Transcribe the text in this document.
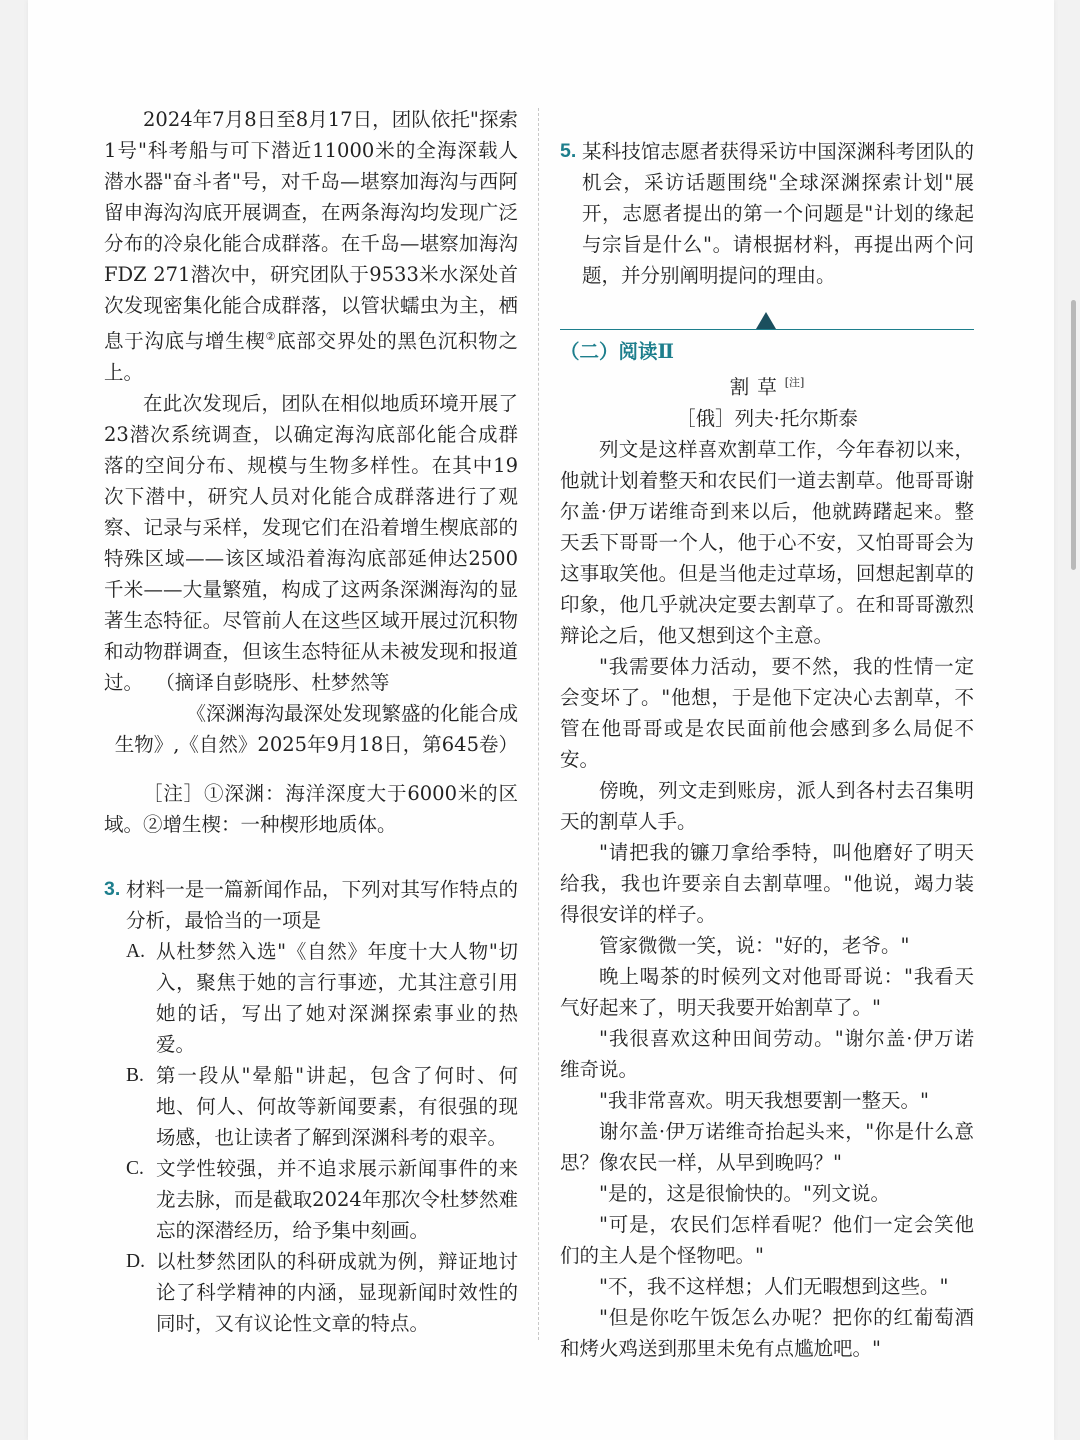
2024年7月8日至8月17日，团队依托"探索1号"科考船与可下潜近11000米的全海深载人潜水器"奋斗者"号，对千岛—堪察加海沟与西阿留申海沟沟底开展调查，在两条海沟均发现广泛分布的冷泉化能合成群落。在千岛—堪察加海沟FDZ 271潜次中，研究团队于9533米水深处首次发现密集化能合成群落，以管状蠕虫为主，栖息于沟底与增生楔②底部交界处的黑色沉积物之上。

在此次发现后，团队在相似地质环境开展了23潜次系统调查，以确定海沟底部化能合成群落的空间分布、规模与生物多样性。在其中19次下潜中，研究人员对化能合成群落进行了观察、记录与采样，发现它们在沿着增生楔底部的特殊区域——该区域沿着海沟底部延伸达2500千米——大量繁殖，构成了这两条深渊海沟的显著生态特征。尽管前人在这些区域开展过沉积物和动物群调查，但该生态特征从未被发现和报道过。 （摘译自彭晓彤、杜梦然等

《深渊海沟最深处发现繁盛的化能合成

生物》,《自然》2025年9月18日，第645卷）

［注］①深渊：海洋深度大于6000米的区域。②增生楔：一种楔形地质体。

3. 材料一是一篇新闻作品，下列对其写作特点的分析，最恰当的一项是

A. 从杜梦然入选"《自然》年度十大人物"切入，聚焦于她的言行事迹，尤其注意引用她的话，写出了她对深渊探索事业的热爱。
B. 第一段从"晕船"讲起，包含了何时、何地、何人、何故等新闻要素，有很强的现场感，也让读者了解到深渊科考的艰辛。
C. 文学性较强，并不追求展示新闻事件的来龙去脉，而是截取2024年那次令杜梦然难忘的深潜经历，给予集中刻画。
D. 以杜梦然团队的科研成就为例，辩证地讨论了科学精神的内涵，显现新闻时效性的同时，又有议论性文章的特点。
5. 某科技馆志愿者获得采访中国深渊科考团队的机会，采访话题围绕"全球深渊探索计划"展开，志愿者提出的第一个问题是"计划的缘起与宗旨是什么"。请根据材料，再提出两个问题，并分别阐明提问的理由。

（二）阅读Ⅱ

割草[注]

［俄］列夫·托尔斯泰

列文是这样喜欢割草工作，今年春初以来，他就计划着整天和农民们一道去割草。他哥哥谢尔盖·伊万诺维奇到来以后，他就踌躇起来。整天丢下哥哥一个人，他于心不安，又怕哥哥会为这事取笑他。但是当他走过草场，回想起割草的印象，他几乎就决定要去割草了。在和哥哥激烈辩论之后，他又想到这个主意。

"我需要体力活动，要不然，我的性情一定会变坏了。"他想，于是他下定决心去割草，不管在他哥哥或是农民面前他会感到多么局促不安。

傍晚，列文走到账房，派人到各村去召集明天的割草人手。

"请把我的镰刀拿给季特，叫他磨好了明天给我，我也许要亲自去割草哩。"他说，竭力装得很安详的样子。

管家微微一笑，说："好的，老爷。"

晚上喝茶的时候列文对他哥哥说："我看天气好起来了，明天我要开始割草了。"

"我很喜欢这种田间劳动。"谢尔盖·伊万诺维奇说。

"我非常喜欢。明天我想要割一整天。"

谢尔盖·伊万诺维奇抬起头来，"你是什么意思？像农民一样，从早到晚吗？"

"是的，这是很愉快的。"列文说。

"可是，农民们怎样看呢？他们一定会笑他们的主人是个怪物吧。"

"不，我不这样想；人们无暇想到这些。"

"但是你吃午饭怎么办呢？把你的红葡萄酒和烤火鸡送到那里未免有点尴尬吧。"
